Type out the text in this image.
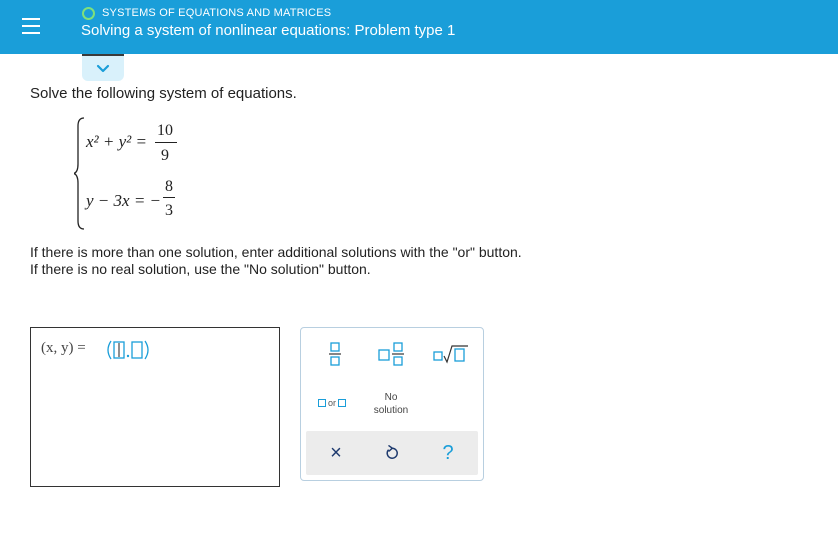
SYSTEMS OF EQUATIONS AND MATRICES
Solving a system of nonlinear equations: Problem type 1
Solve the following system of equations.
x² + y² =
10
9
y − 3x = −
8
3
If there is more than one solution, enter additional solutions with the "or" button.
If there is no real solution, use the "No solution" button.
(x, y) =
or	No
solution
×	?
